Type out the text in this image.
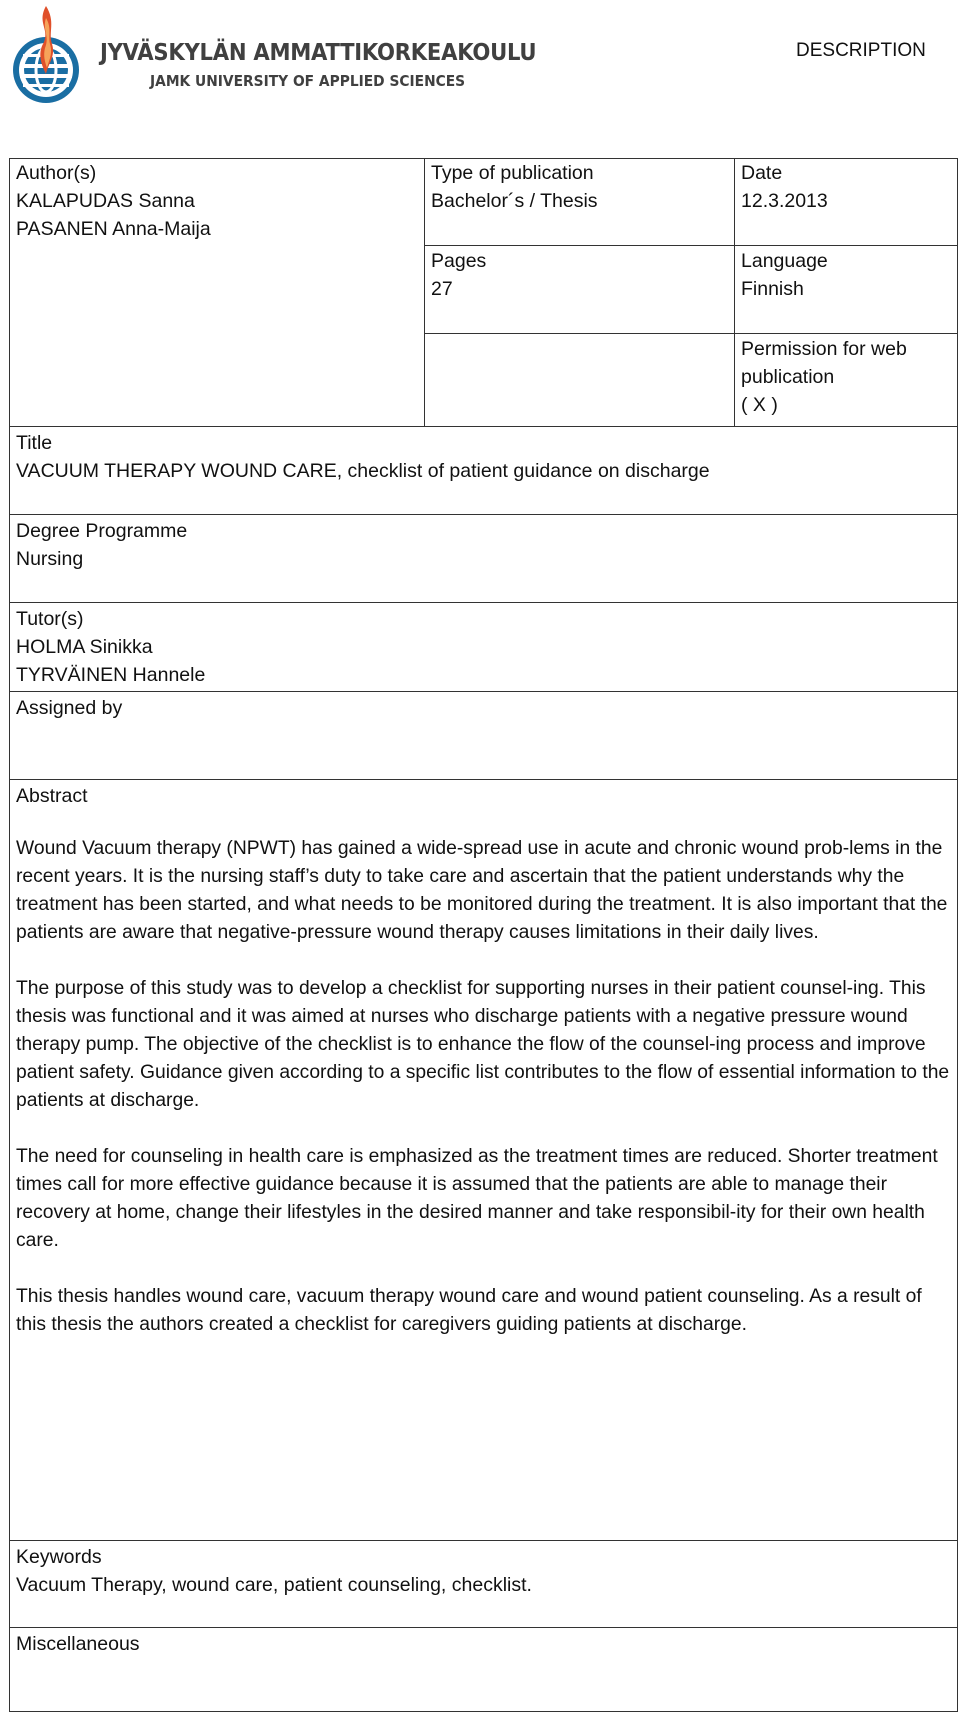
JYVÄSKYLÄN AMMATTIKORKEAKOULU
JAMK UNIVERSITY OF APPLIED SCIENCES
DESCRIPTION
Author(s)
KALAPUDAS Sanna
PASANEN Anna-Maija
Type of publication
Bachelor´s / Thesis
Date
12.3.2013
Pages
27
Language
Finnish
Permission for web
publication
( X )
Title
VACUUM THERAPY WOUND CARE, checklist of patient guidance on discharge
Degree Programme
Nursing
Tutor(s)
HOLMA Sinikka
TYRVÄINEN Hannele
Assigned by
Abstract

Wound Vacuum therapy (NPWT) has gained a wide-spread use in acute and chronic wound prob-lems in the recent years. It is the nursing staff’s duty to take care and ascertain that the patient understands why the treatment has been started, and what needs to be monitored during the treatment. It is also important that the patients are aware that negative-pressure wound therapy causes limitations in their daily lives.

The purpose of this study was to develop a checklist for supporting nurses in their patient counsel-ing. This thesis was functional and it was aimed at nurses who discharge patients with a negative pressure wound therapy pump. The objective of the checklist is to enhance the flow of the counsel-ing process and improve patient safety. Guidance given according to a specific list contributes to the flow of essential information to the patients at discharge.

The need for counseling in health care is emphasized as the treatment times are reduced. Shorter treatment times call for more effective guidance because it is assumed that the patients are able to manage their recovery at home, change their lifestyles in the desired manner and take responsibil-ity for their own health care.

This thesis handles wound care, vacuum therapy wound care and wound patient counseling. As a result of this thesis the authors created a checklist for caregivers guiding patients at discharge.

Keywords
Vacuum Therapy, wound care, patient counseling, checklist.
Miscellaneous
